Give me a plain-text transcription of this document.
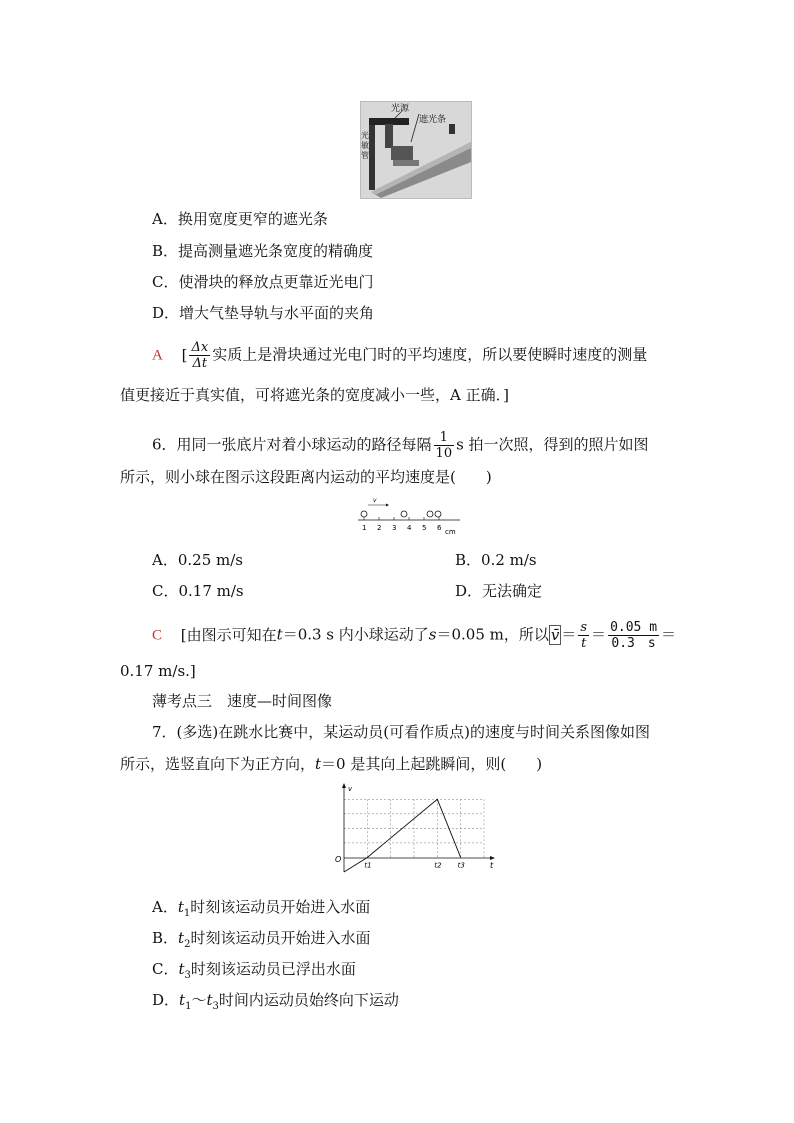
光源
遮光条
光
敏
管
A．换用宽度更窄的遮光条
B．提高测量遮光条宽度的精确度
C．使滑块的释放点更靠近光电门
D．增大气垫导轨与水平面的夹角
A [ $\frac{\Delta x}{\Delta t}$ 实质上是滑块通过光电门时的平均速度，所以要使瞬时速度的测量
值更接近于真实值，可将遮光条的宽度减小一些，A 正确．]
6．用同一张底片对着小球运动的路径每隔 $\frac{1}{10}$ s 拍一次照，得到的照片如图
所示，则小球在图示这段距离内运动的平均速度是(　　)
v
1 2 3 4 5 6 cm
A．0.25 m/s	B．0.2 m/s
C．0.17 m/s	D．无法确定
C [由图示可知在t＝0.3 s 内小球运动了s＝0.05 m，所以 v̄ ＝ $\frac{s}{t} = \frac{0.05 m}{0.3 s}$ ＝
0.17 m/s.]
薄考点三　速度—时间图像
7．(多选)在跳水比赛中，某运动员(可看作质点)的速度与时间关系图像如图
所示，选竖直向下为正方向，t＝0 是其向上起跳瞬间，则(　　)
v
t
O
t1	t2 t3
A．$t_1$时刻该运动员开始进入水面
B．$t_2$时刻该运动员开始进入水面
C．$t_3$时刻该运动员已浮出水面
D．$t_1\sim t_3$时间内运动员始终向下运动
